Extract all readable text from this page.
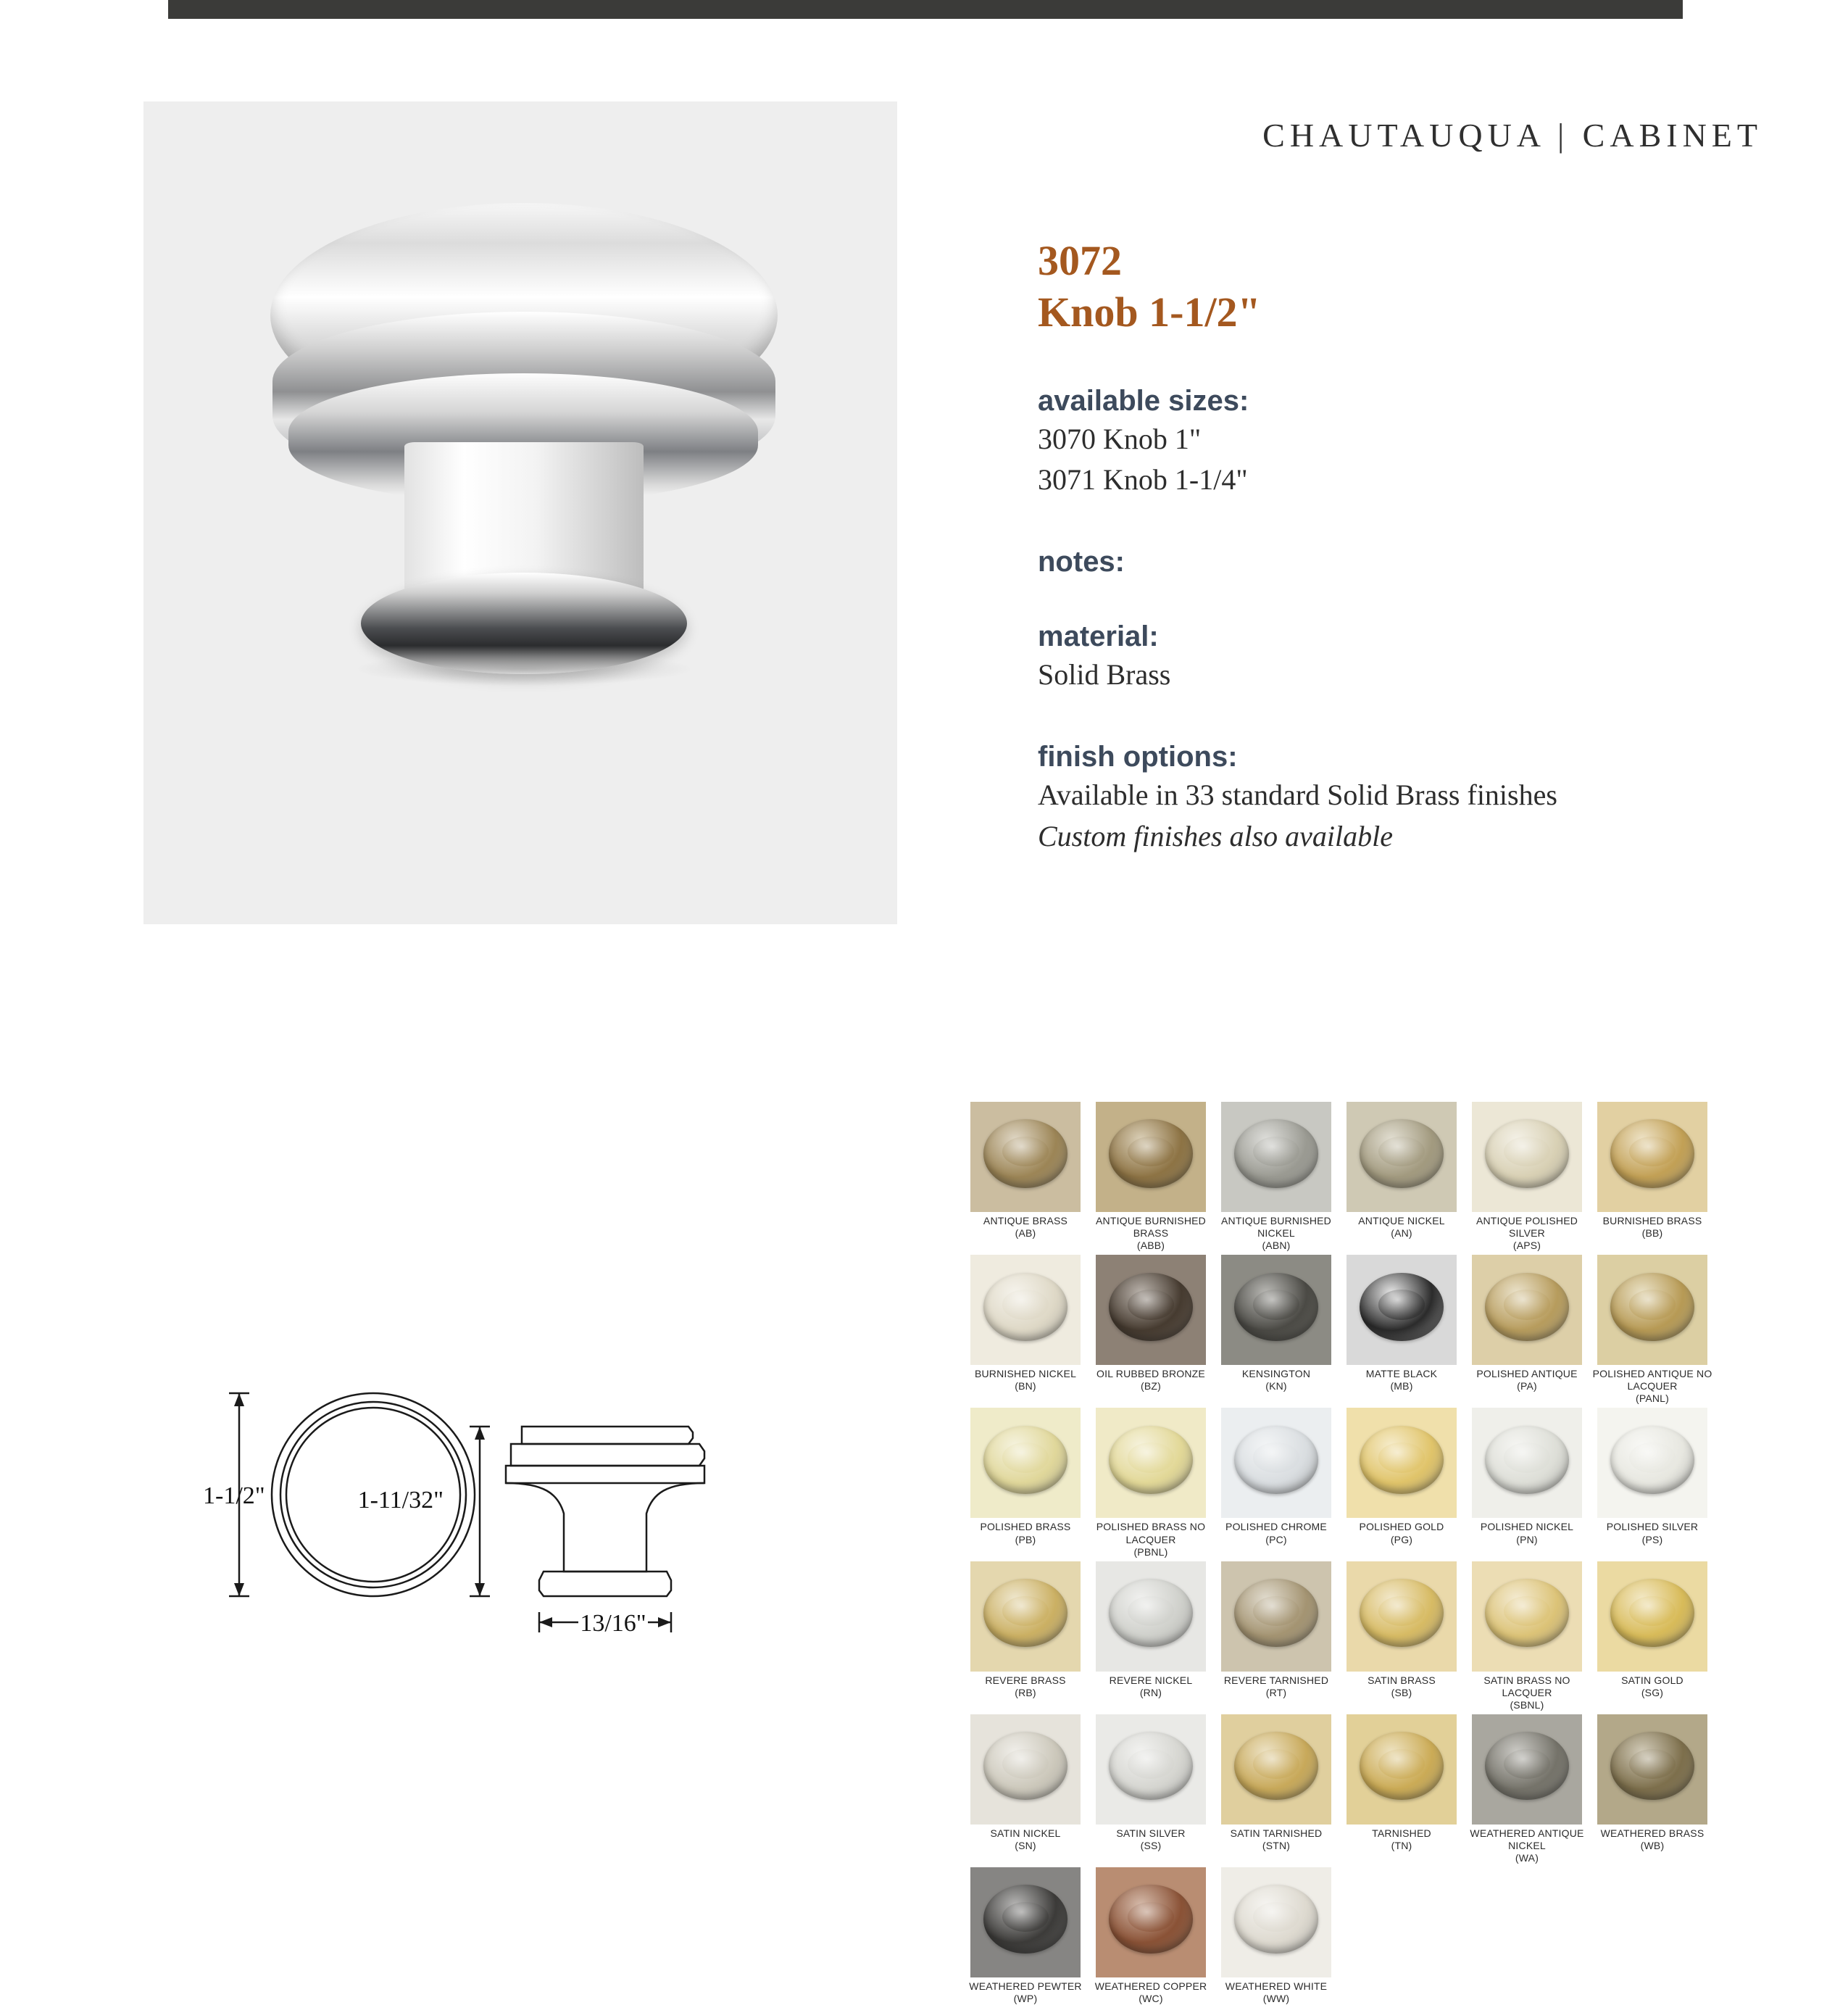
CHAUTAUQUA | CABINET
3072
Knob 1-1/2"
available sizes:
3070 Knob 1"
3071 Knob 1-1/4"
notes:
material:
Solid Brass
finish options:
Available in 33 standard Solid Brass finishes
Custom finishes also available
1-1/2"	1-11/32"
13/16"
ANTIQUE BRASS
(AB)
ANTIQUE BURNISHED BRASS
(ABB)
ANTIQUE BURNISHED NICKEL
(ABN)
ANTIQUE NICKEL
(AN)
ANTIQUE POLISHED SILVER
(APS)
BURNISHED BRASS
(BB)
BURNISHED NICKEL
(BN)
OIL RUBBED BRONZE
(BZ)
KENSINGTON
(KN)
MATTE BLACK
(MB)
POLISHED ANTIQUE
(PA)
POLISHED ANTIQUE NO LACQUER
(PANL)
POLISHED BRASS
(PB)
POLISHED BRASS NO LACQUER
(PBNL)
POLISHED CHROME
(PC)
POLISHED GOLD
(PG)
POLISHED NICKEL
(PN)
POLISHED SILVER
(PS)
REVERE BRASS
(RB)
REVERE NICKEL
(RN)
REVERE TARNISHED
(RT)
SATIN BRASS
(SB)
SATIN BRASS NO LACQUER
(SBNL)
SATIN GOLD
(SG)
SATIN NICKEL
(SN)
SATIN SILVER
(SS)
SATIN TARNISHED
(STN)
TARNISHED
(TN)
WEATHERED ANTIQUE NICKEL
(WA)
WEATHERED BRASS
(WB)
WEATHERED PEWTER
(WP)
WEATHERED COPPER
(WC)
WEATHERED WHITE
(WW)
